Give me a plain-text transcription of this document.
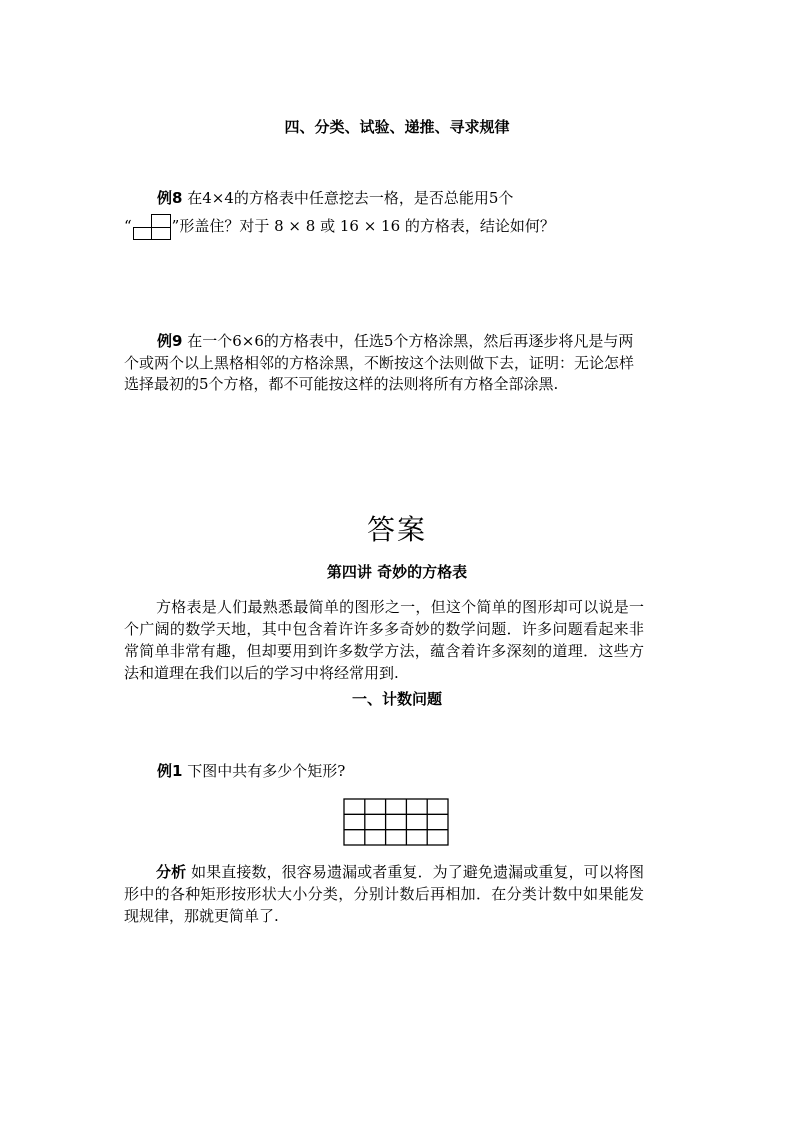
四、分类、试验、递推、寻求规律
例8 在4×4的方格表中任意挖去一格，是否总能用5个
“	”形盖住？对于 8 × 8 或 16 × 16 的方格表，结论如何？
例9 在一个6×6的方格表中，任选5个方格涂黑，然后再逐步将凡是与两
个或两个以上黑格相邻的方格涂黑，不断按这个法则做下去，证明：无论怎样
选择最初的5个方格，都不可能按这样的法则将所有方格全部涂黑.
答案
第四讲 奇妙的方格表
方格表是人们最熟悉最简单的图形之一，但这个简单的图形却可以说是一个广阔的数学天地，其中包含着许许多多奇妙的数学问题．许多问题看起来非常简单非常有趣，但却要用到许多数学方法，蕴含着许多深刻的道理．这些方法和道理在我们以后的学习中将经常用到.
一、计数问题
例1 下图中共有多少个矩形?
分析 如果直接数，很容易遗漏或者重复．为了避免遗漏或重复，可以将图形中的各种矩形按形状大小分类，分别计数后再相加．在分类计数中如果能发现规律，那就更简单了.
